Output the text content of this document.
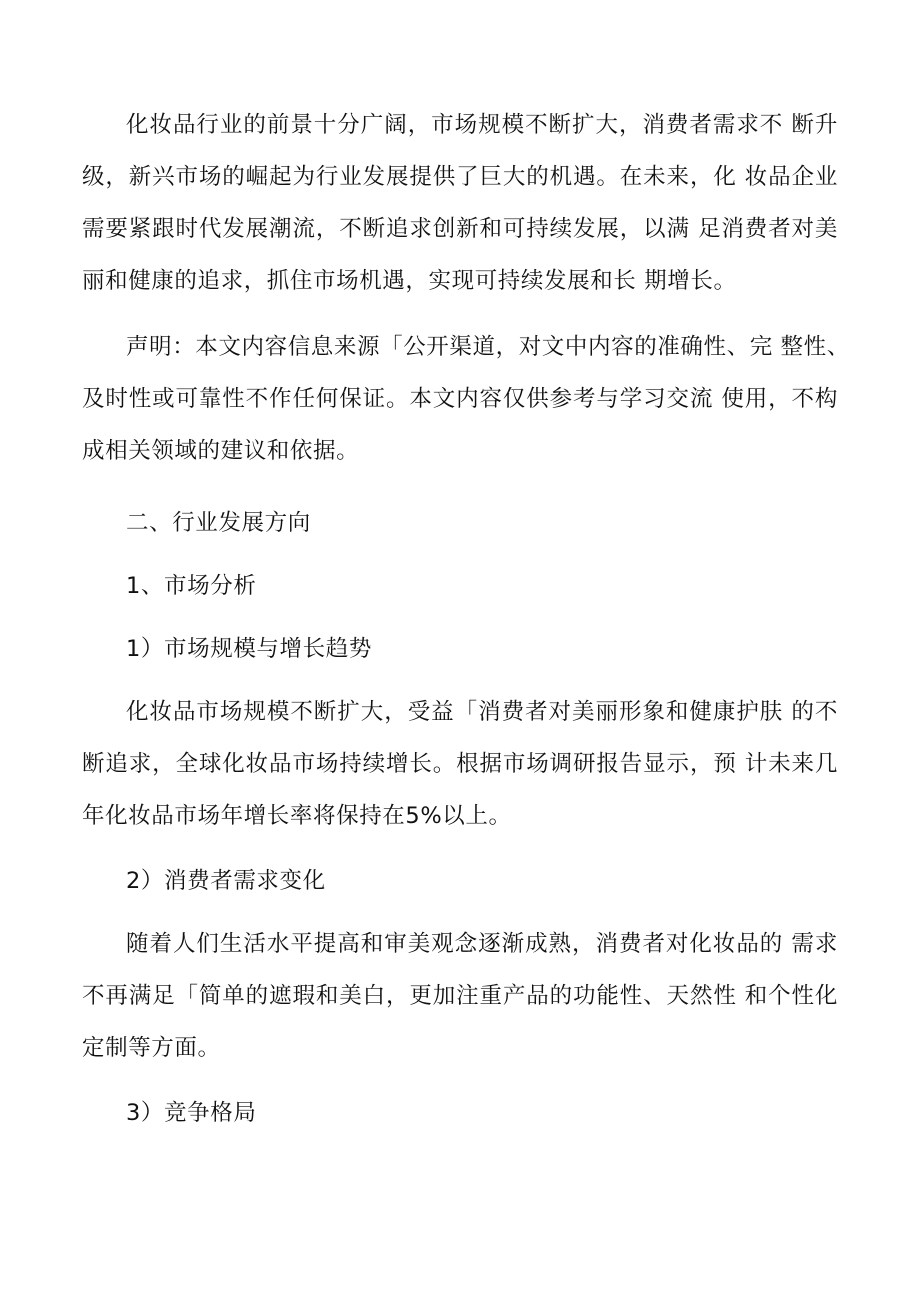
化妆品行业的前景十分广阔，市场规模不断扩大，消费者需求不 断升
级，新兴市场的崛起为行业发展提供了巨大的机遇。在未来，化 妆品企业
需要紧跟时代发展潮流，不断追求创新和可持续发展，以满 足消费者对美
丽和健康的追求，抓住市场机遇，实现可持续发展和长 期增长。
声明：本文内容信息来源「公开渠道，对文中内容的准确性、完 整性、
及时性或可靠性不作任何保证。本文内容仅供参考与学习交流 使用，不构
成相关领域的建议和依据。
二、行业发展方向
1、市场分析
1）市场规模与增长趋势
化妆品市场规模不断扩大，受益「消费者对美丽形象和健康护肤 的不
断追求，全球化妆品市场持续增长。根据市场调研报告显示，预 计未来几
年化妆品市场年增长率将保持在5%以上。
2）消费者需求变化
随着人们生活水平提高和审美观念逐渐成熟，消费者对化妆品的 需求
不再满足「简单的遮瑕和美白，更加注重产品的功能性、天然性 和个性化
定制等方面。
3）竞争格局
